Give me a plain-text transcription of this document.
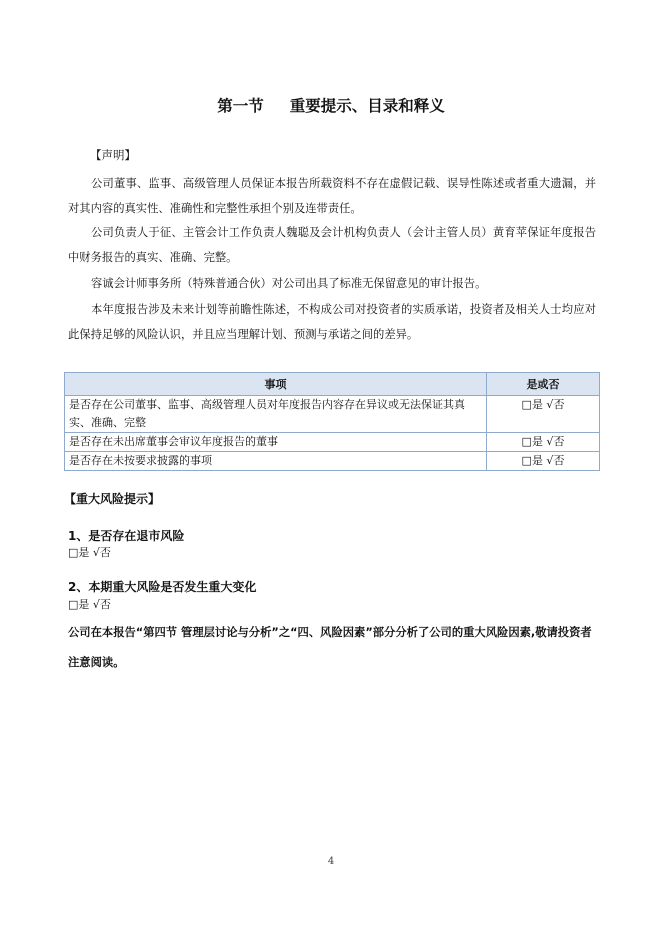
第一节 重要提示、目录和释义
【声明】
公司董事、监事、高级管理人员保证本报告所载资料不存在虚假记载、误导性陈述或者重大遗漏，并对其内容的真实性、准确性和完整性承担个别及连带责任。
公司负责人于征、主管会计工作负责人魏聪及会计机构负责人（会计主管人员）黄育苹保证年度报告中财务报告的真实、准确、完整。
容诚会计师事务所（特殊普通合伙）对公司出具了标准无保留意见的审计报告。
本年度报告涉及未来计划等前瞻性陈述，不构成公司对投资者的实质承诺，投资者及相关人士均应对此保持足够的风险认识，并且应当理解计划、预测与承诺之间的差异。
事项	是或否
是否存在公司董事、监事、高级管理人员对年度报告内容存在异议或无法保证其真实、准确、完整	□是 √否
是否存在未出席董事会审议年度报告的董事	□是 √否
是否存在未按要求披露的事项	□是 √否
【重大风险提示】
1、是否存在退市风险
□是 √否
2、本期重大风险是否发生重大变化
□是 √否
公司在本报告“第四节 管理层讨论与分析”之“四、风险因素”部分分析了公司的重大风险因素,敬请投资者注意阅读。
4
